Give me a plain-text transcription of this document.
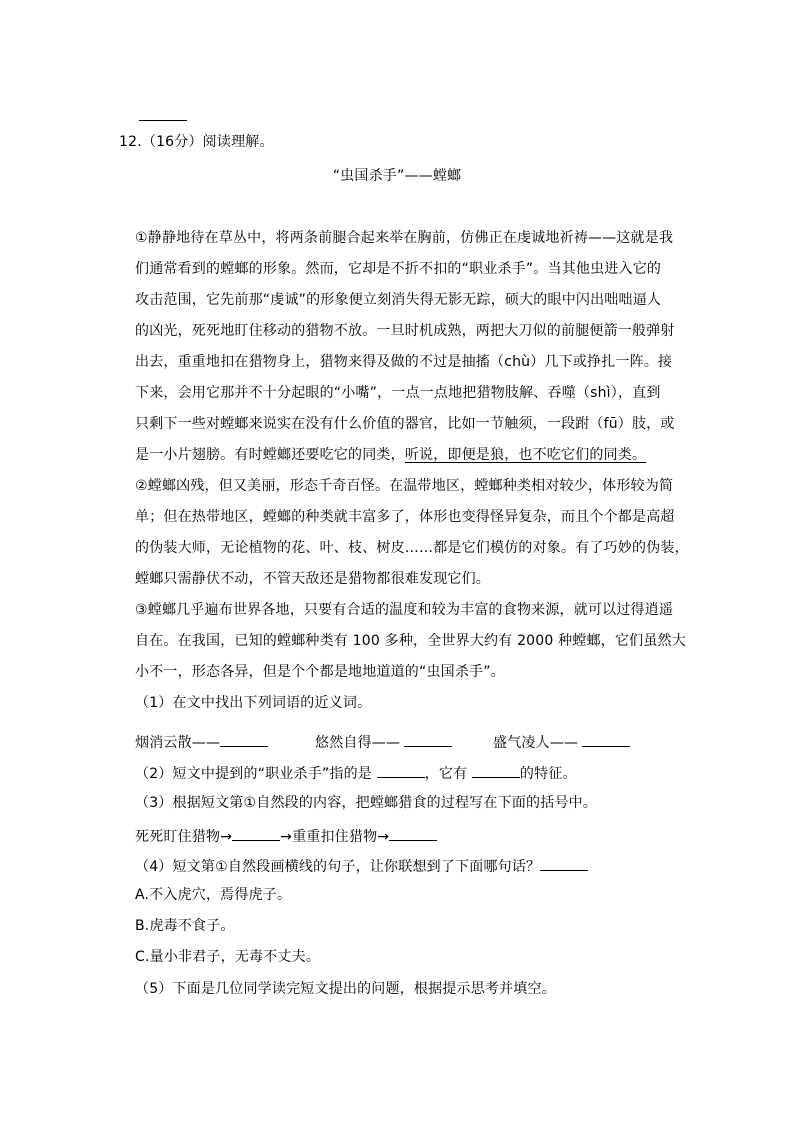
12.（16分）阅读理解。
“虫国杀手”——螳螂
①静静地待在草丛中，将两条前腿合起来举在胸前，仿佛正在虔诚地祈祷——这就是我
们通常看到的螳螂的形象。然而，它却是不折不扣的“职业杀手”。当其他虫进入它的
攻击范围，它先前那“虔诚”的形象便立刻消失得无影无踪，硕大的眼中闪出咄咄逼人
的凶光，死死地盯住移动的猎物不放。一旦时机成熟，两把大刀似的前腿便箭一般弹射
出去，重重地扣在猎物身上，猎物来得及做的不过是抽搐（chù）几下或挣扎一阵。接
下来，会用它那并不十分起眼的“小嘴”，一点一点地把猎物肢解、吞噬（shì），直到
只剩下一些对螳螂来说实在没有什么价值的器官，比如一节触须，一段跗（fū）肢，或
是一小片翅膀。有时螳螂还要吃它的同类，听说，即便是狼，也不吃它们的同类。
②螳螂凶残，但又美丽，形态千奇百怪。在温带地区，螳螂种类相对较少，体形较为简
单；但在热带地区，螳螂的种类就丰富多了，体形也变得怪异复杂，而且个个都是高超
的伪装大师，无论植物的花、叶、枝、树皮……都是它们模仿的对象。有了巧妙的伪装，
螳螂只需静伏不动，不管天敌还是猎物都很难发现它们。
③螳螂几乎遍布世界各地，只要有合适的温度和较为丰富的食物来源，就可以过得逍遥
自在。在我国，已知的螳螂种类有 100 多种，全世界大约有 2000 种螳螂，它们虽然大
小不一，形态各异，但是个个都是地地道道的“虫国杀手”。
（1）在文中找出下列词语的近义词。
烟消云散——	悠然自得——	盛气凌人——
（2）短文中提到的“职业杀手”指的是	，它有	的特征。
（3）根据短文第①自然段的内容，把螳螂猎食的过程写在下面的括号中。
死死盯住猎物→	→重重扣住猎物→
（4）短文第①自然段画横线的句子，让你联想到了下面哪句话？
A.不入虎穴，焉得虎子。
B.虎毒不食子。
C.量小非君子，无毒不丈夫。
（5）下面是几位同学读完短文提出的问题，根据提示思考并填空。
